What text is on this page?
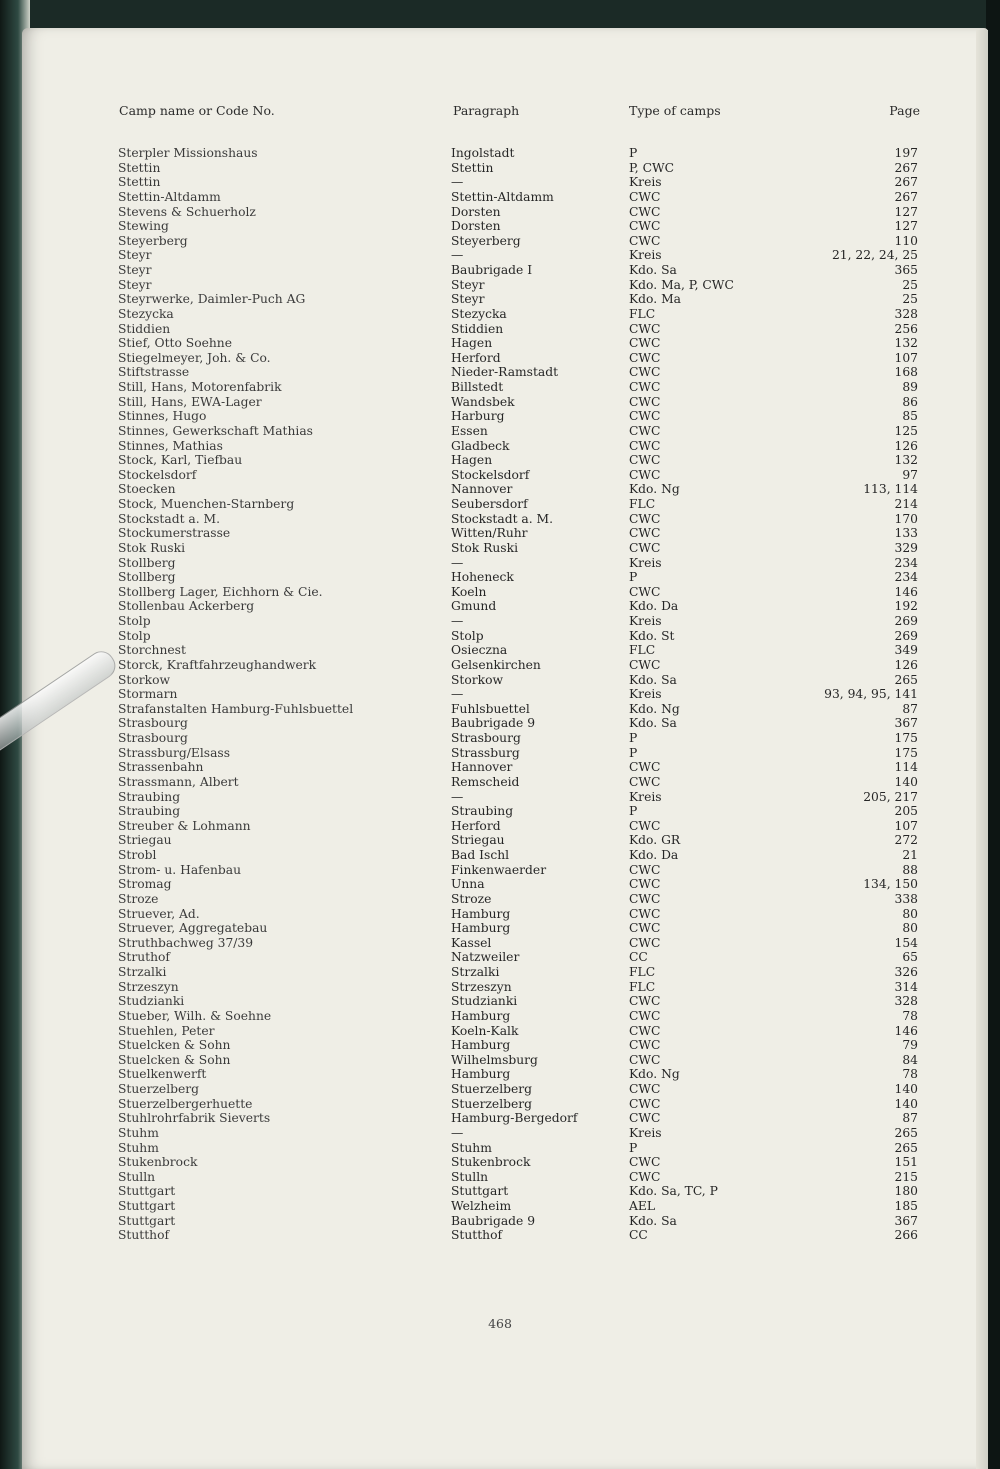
Camp name or Code No.	Paragraph	Type of camps	Page
Sterpler Missionshaus	Ingolstadt	P	197
Stettin	Stettin	P, CWC	267
Stettin	—	Kreis	267
Stettin-Altdamm	Stettin-Altdamm	CWC	267
Stevens & Schuerholz	Dorsten	CWC	127
Stewing	Dorsten	CWC	127
Steyerberg	Steyerberg	CWC	110
Steyr	—	Kreis	21, 22, 24, 25
Steyr	Baubrigade I	Kdo. Sa	365
Steyr	Steyr	Kdo. Ma, P, CWC	25
Steyrwerke, Daimler-Puch AG	Steyr	Kdo. Ma	25
Stezycka	Stezycka	FLC	328
Stiddien	Stiddien	CWC	256
Stief, Otto Soehne	Hagen	CWC	132
Stiegelmeyer, Joh. & Co.	Herford	CWC	107
Stiftstrasse	Nieder-Ramstadt	CWC	168
Still, Hans, Motorenfabrik	Billstedt	CWC	89
Still, Hans, EWA-Lager	Wandsbek	CWC	86
Stinnes, Hugo	Harburg	CWC	85
Stinnes, Gewerkschaft Mathias	Essen	CWC	125
Stinnes, Mathias	Gladbeck	CWC	126
Stock, Karl, Tiefbau	Hagen	CWC	132
Stockelsdorf	Stockelsdorf	CWC	97
Stoecken	Nannover	Kdo. Ng	113, 114
Stock, Muenchen-Starnberg	Seubersdorf	FLC	214
Stockstadt a. M.	Stockstadt a. M.	CWC	170
Stockumerstrasse	Witten/Ruhr	CWC	133
Stok Ruski	Stok Ruski	CWC	329
Stollberg	—	Kreis	234
Stollberg	Hoheneck	P	234
Stollberg Lager, Eichhorn & Cie.	Koeln	CWC	146
Stollenbau Ackerberg	Gmund	Kdo. Da	192
Stolp	—	Kreis	269
Stolp	Stolp	Kdo. St	269
Storchnest	Osieczna	FLC	349
Storck, Kraftfahrzeughandwerk	Gelsenkirchen	CWC	126
Storkow	Storkow	Kdo. Sa	265
Stormarn	—	Kreis	93, 94, 95, 141
Strafanstalten Hamburg-Fuhlsbuettel	Fuhlsbuettel	Kdo. Ng	87
Strasbourg	Baubrigade 9	Kdo. Sa	367
Strasbourg	Strasbourg	P	175
Strassburg/Elsass	Strassburg	P	175
Strassenbahn	Hannover	CWC	114
Strassmann, Albert	Remscheid	CWC	140
Straubing	—	Kreis	205, 217
Straubing	Straubing	P	205
Streuber & Lohmann	Herford	CWC	107
Striegau	Striegau	Kdo. GR	272
Strobl	Bad Ischl	Kdo. Da	21
Strom- u. Hafenbau	Finkenwaerder	CWC	88
Stromag	Unna	CWC	134, 150
Stroze	Stroze	CWC	338
Struever, Ad.	Hamburg	CWC	80
Struever, Aggregatebau	Hamburg	CWC	80
Struthbachweg 37/39	Kassel	CWC	154
Struthof	Natzweiler	CC	65
Strzalki	Strzalki	FLC	326
Strzeszyn	Strzeszyn	FLC	314
Studzianki	Studzianki	CWC	328
Stueber, Wilh. & Soehne	Hamburg	CWC	78
Stuehlen, Peter	Koeln-Kalk	CWC	146
Stuelcken & Sohn	Hamburg	CWC	79
Stuelcken & Sohn	Wilhelmsburg	CWC	84
Stuelkenwerft	Hamburg	Kdo. Ng	78
Stuerzelberg	Stuerzelberg	CWC	140
Stuerzelbergerhuette	Stuerzelberg	CWC	140
Stuhlrohrfabrik Sieverts	Hamburg-Bergedorf	CWC	87
Stuhm	—	Kreis	265
Stuhm	Stuhm	P	265
Stukenbrock	Stukenbrock	CWC	151
Stulln	Stulln	CWC	215
Stuttgart	Stuttgart	Kdo. Sa, TC, P	180
Stuttgart	Welzheim	AEL	185
Stuttgart	Baubrigade 9	Kdo. Sa	367
Stutthof	Stutthof	CC	266
468
